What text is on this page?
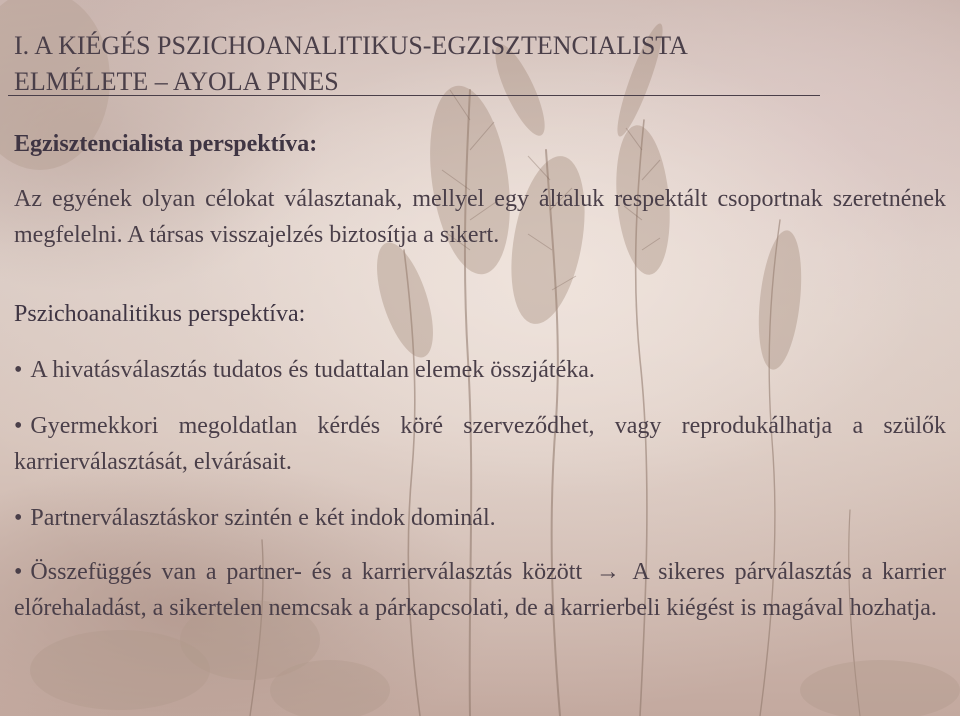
I. A KIÉGÉS PSZICHOANALITIKUS-EGZISZTENCIALISTA ELMÉLETE – AYOLA PINES
Egzisztencialista perspektíva:

Az egyének olyan célokat választanak, mellyel egy általuk respektált csoportnak szeretnének megfelelni. A társas visszajelzés biztosítja a sikert.

Pszichoanalitikus perspektíva:

• A hivatásválasztás tudatos és tudattalan elemek összjátéka.

• Gyermekkori megoldatlan kérdés köré szerveződhet, vagy reprodukálhatja a szülők karrierválasztását, elvárásait.

• Partnerválasztáskor szintén e két indok dominál.

• Összefüggés van a partner- és a karrierválasztás között → A sikeres párválasztás a karrier előrehaladást, a sikertelen nemcsak a párkapcsolati, de a karrierbeli kiégést is magával hozhatja.
